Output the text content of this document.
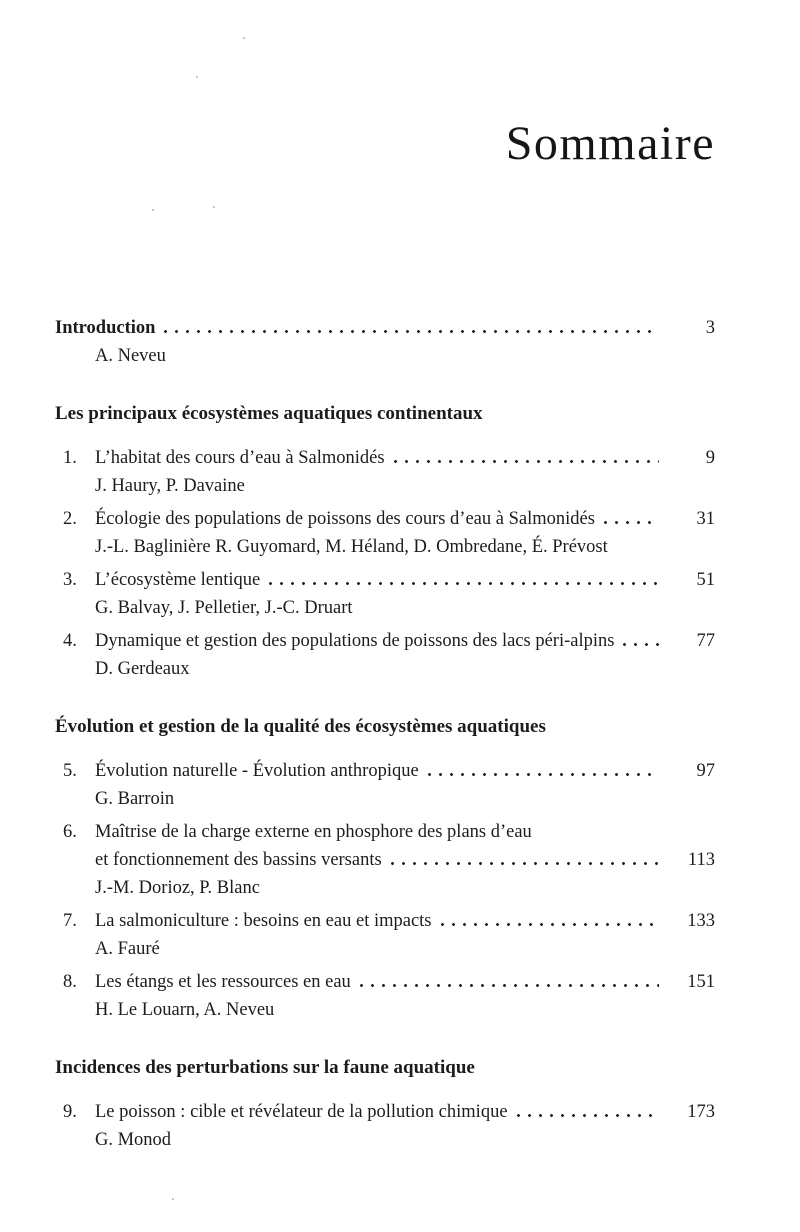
Sommaire
Introduction	3
A. Neveu
Les principaux écosystèmes aquatiques continentaux
1. L’habitat des cours d’eau à Salmonidés	9
J. Haury, P. Davaine
2. Écologie des populations de poissons des cours d’eau à Salmonidés	31
J.-L. Baglinière R. Guyomard, M. Héland, D. Ombredane, É. Prévost
3. L’écosystème lentique	51
G. Balvay, J. Pelletier, J.-C. Druart
4. Dynamique et gestion des populations de poissons des lacs péri-alpins	77
D. Gerdeaux
Évolution et gestion de la qualité des écosystèmes aquatiques
5. Évolution naturelle - Évolution anthropique	97
G. Barroin
6. Maîtrise de la charge externe en phosphore des plans d’eau
et fonctionnement des bassins versants	113
J.-M. Dorioz, P. Blanc
7. La salmoniculture : besoins en eau et impacts	133
A. Fauré
8. Les étangs et les ressources en eau	151
H. Le Louarn, A. Neveu
Incidences des perturbations sur la faune aquatique
9. Le poisson : cible et révélateur de la pollution chimique	173
G. Monod
